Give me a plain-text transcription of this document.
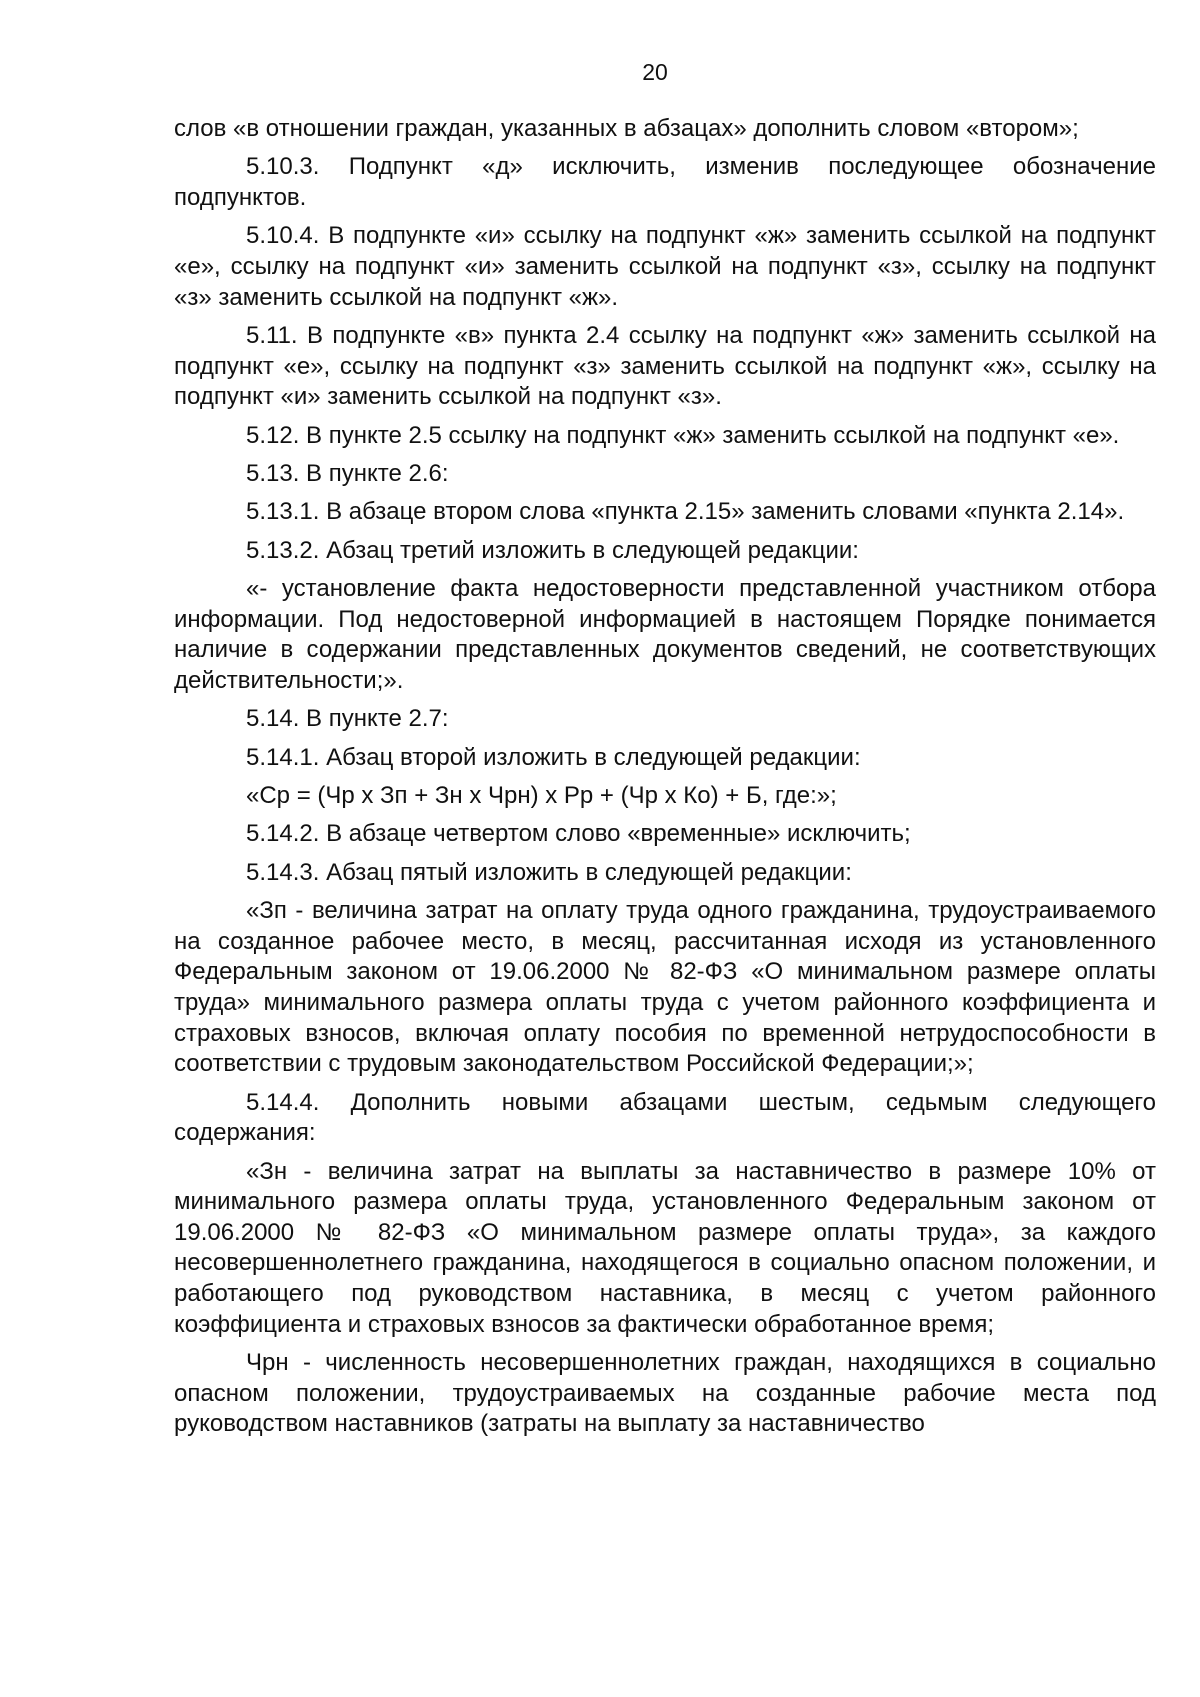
20

слов «в отношении граждан, указанных в абзацах» дополнить словом «втором»;

5.10.3. Подпункт «д» исключить, изменив последующее обозначение подпунктов.

5.10.4. В подпункте «и» ссылку на подпункт «ж» заменить ссылкой на подпункт «е», ссылку на подпункт «и» заменить ссылкой на подпункт «з», ссылку на подпункт «з» заменить ссылкой на подпункт «ж».

5.11. В подпункте «в» пункта 2.4 ссылку на подпункт «ж» заменить ссылкой на подпункт «е», ссылку на подпункт «з» заменить ссылкой на подпункт «ж», ссылку на подпункт «и» заменить ссылкой на подпункт «з».

5.12. В пункте 2.5 ссылку на подпункт «ж» заменить ссылкой на подпункт «е».

5.13. В пункте 2.6:

5.13.1. В абзаце втором слова «пункта 2.15» заменить словами «пункта 2.14».

5.13.2. Абзац третий изложить в следующей редакции:

«- установление факта недостоверности представленной участником отбора информации. Под недостоверной информацией в настоящем Порядке понимается наличие в содержании представленных документов сведений, не соответствующих действительности;».

5.14. В пункте 2.7:

5.14.1. Абзац второй изложить в следующей редакции:

«Ср = (Чр х Зп + Зн х Чрн) х Рр + (Чр х Ко) + Б, где:»;

5.14.2. В абзаце четвертом слово «временные» исключить;

5.14.3. Абзац пятый изложить в следующей редакции:

«Зп - величина затрат на оплату труда одного гражданина, трудоустраиваемого на созданное рабочее место, в месяц, рассчитанная исходя из установленного Федеральным законом от 19.06.2000 № 82-ФЗ «О минимальном размере оплаты труда» минимального размера оплаты труда с учетом районного коэффициента и страховых взносов, включая оплату пособия по временной нетрудоспособности в соответствии с трудовым законодательством Российской Федерации;»;

5.14.4. Дополнить новыми абзацами шестым, седьмым следующего содержания:

«Зн - величина затрат на выплаты за наставничество в размере 10% от минимального размера оплаты труда, установленного Федеральным законом от 19.06.2000 № 82-ФЗ «О минимальном размере оплаты труда», за каждого несовершеннолетнего гражданина, находящегося в социально опасном положении, и работающего под руководством наставника, в месяц с учетом районного коэффициента и страховых взносов за фактически обработанное время;

Чрн - численность несовершеннолетних граждан, находящихся в социально опасном положении, трудоустраиваемых на созданные рабочие места под руководством наставников (затраты на выплату за наставничество
